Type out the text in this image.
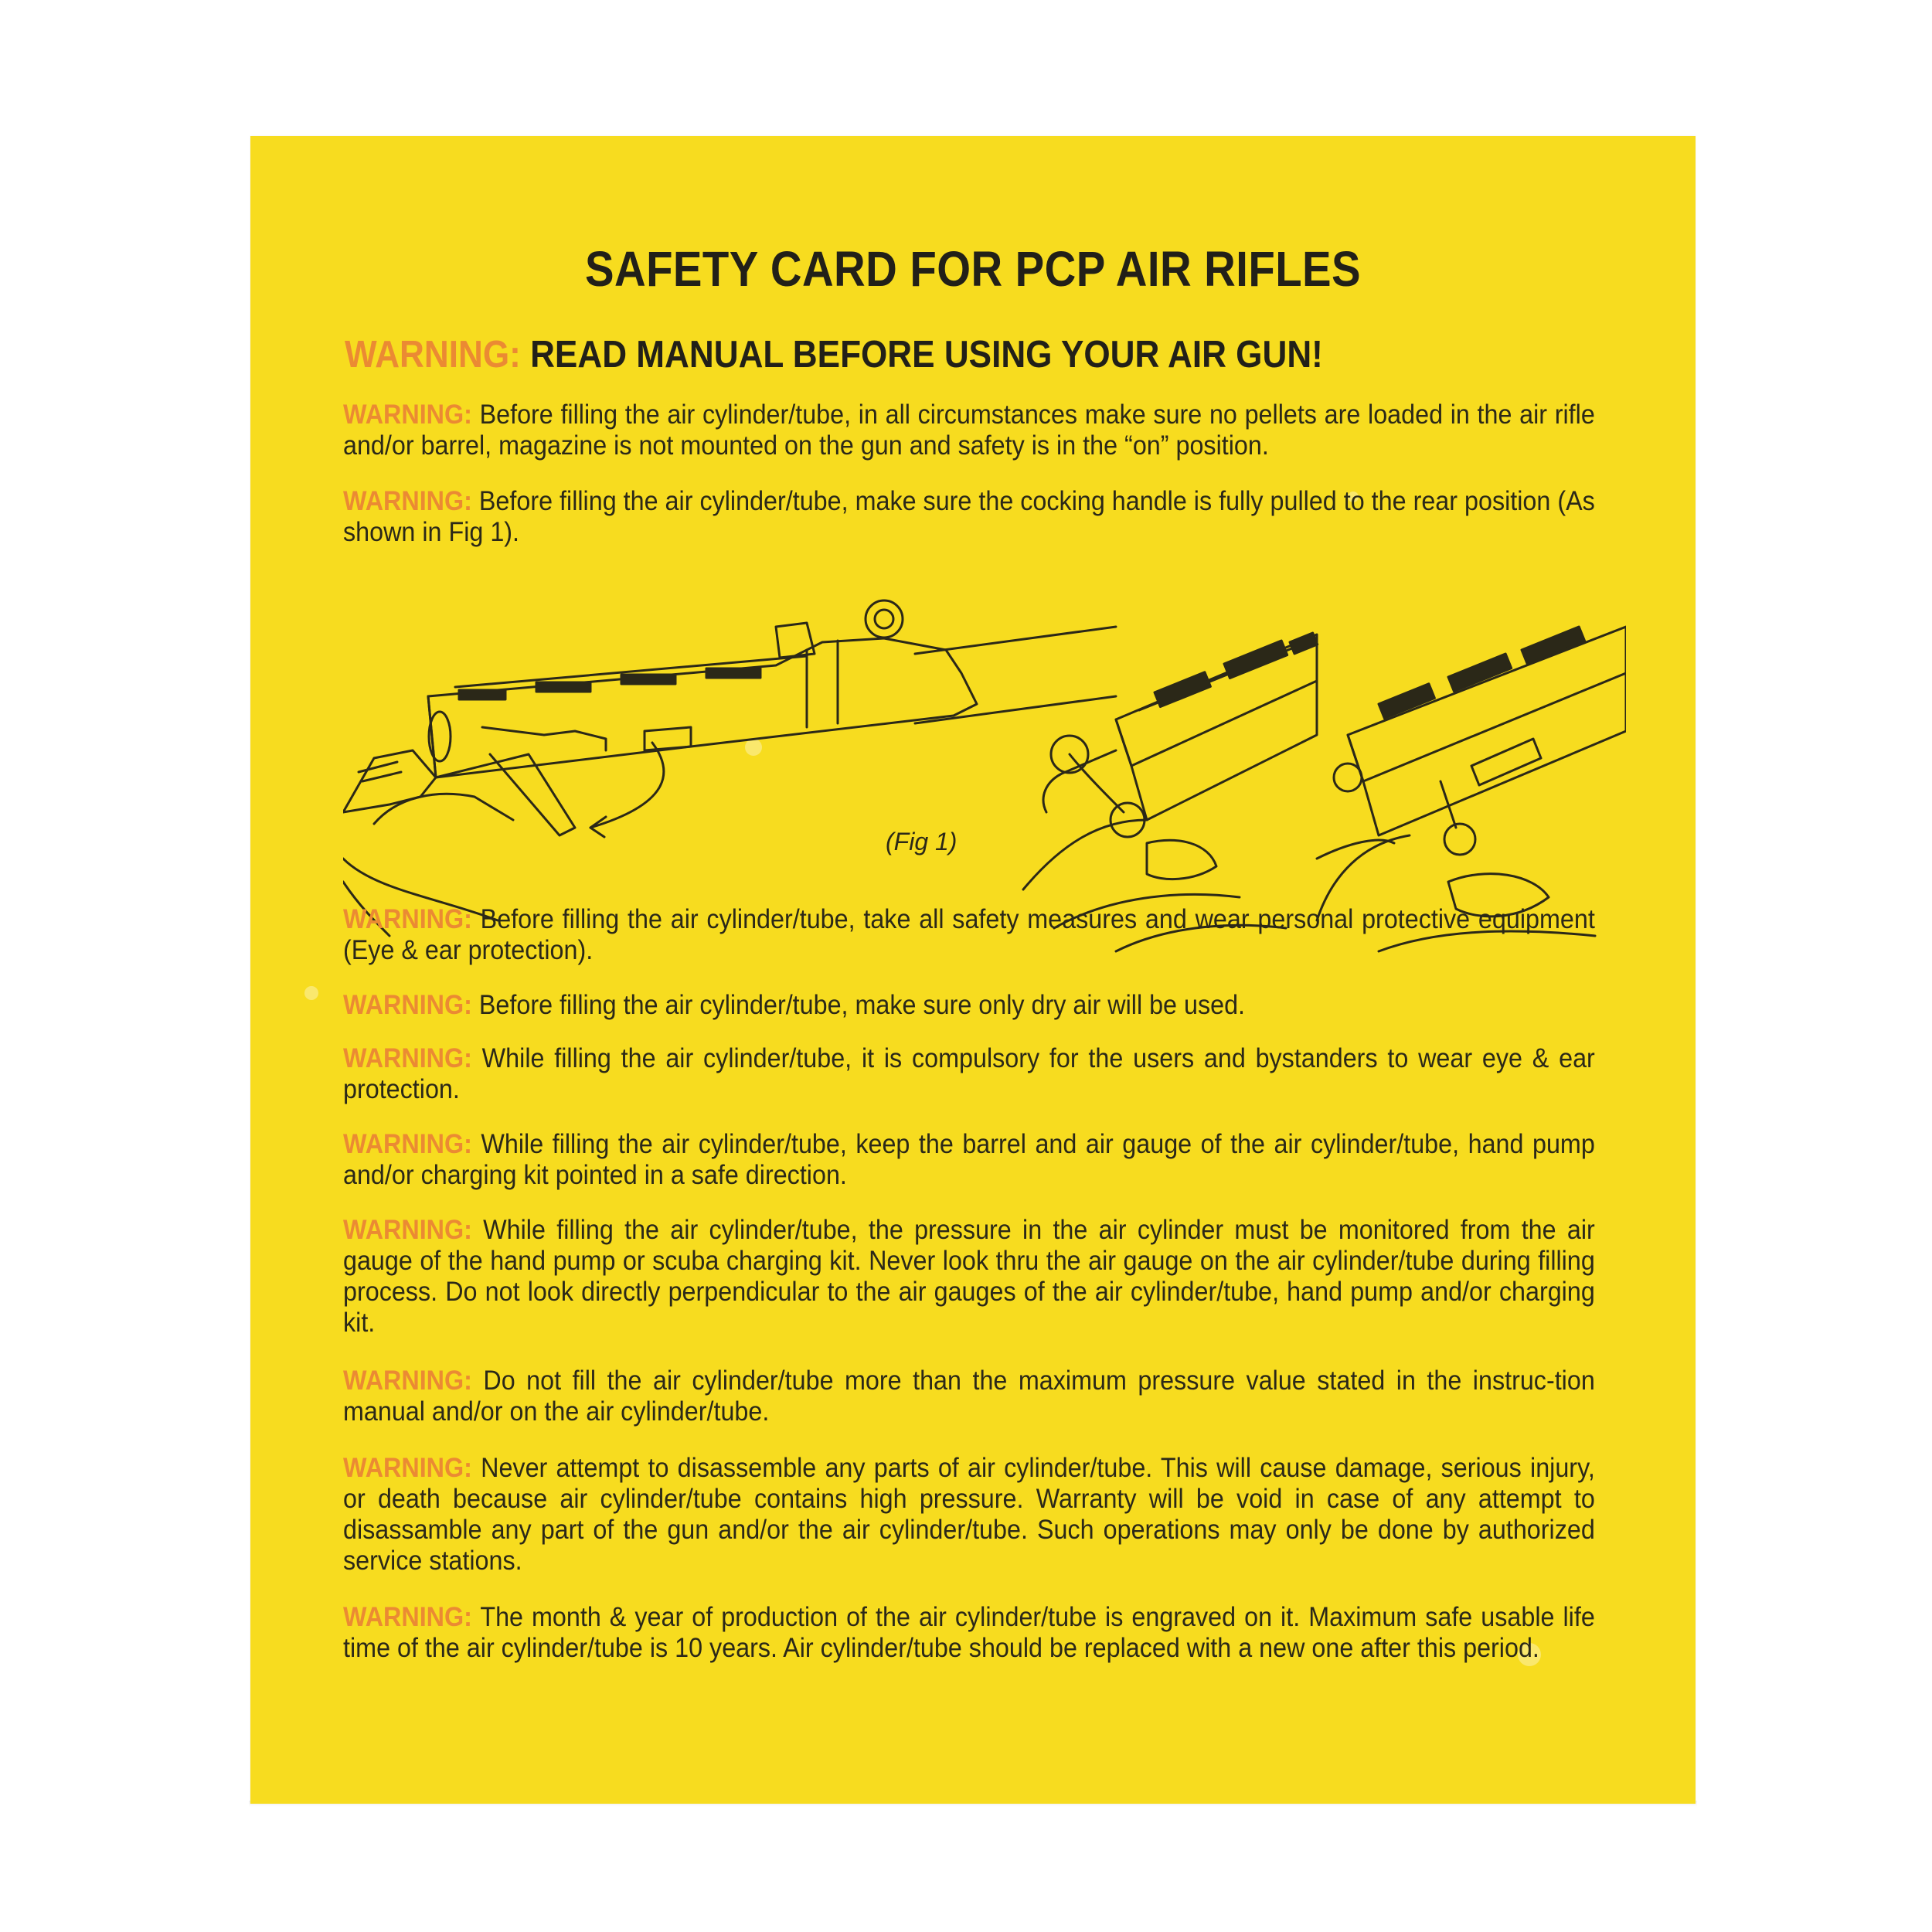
SAFETY CARD FOR PCP AIR RIFLES
WARNING: READ MANUAL BEFORE USING YOUR AIR GUN!
WARNING: Before filling the air cylinder/tube, in all circumstances make sure no pellets are loaded in the air rifle and/or barrel, magazine is not mounted on the gun and safety is in the “on” position.
WARNING: Before filling the air cylinder/tube, make sure the cocking handle is fully pulled to the rear position (As shown in Fig 1).
(Fig 1)
WARNING: Before filling the air cylinder/tube, take all safety measures and wear personal protective equipment (Eye & ear protection).
WARNING: Before filling the air cylinder/tube, make sure only dry air will be used.
WARNING: While filling the air cylinder/tube, it is compulsory for the users and bystanders to wear eye & ear protection.
WARNING: While filling the air cylinder/tube, keep the barrel and air gauge of the air cylinder/tube, hand pump and/or charging kit pointed in a safe direction.
WARNING: While filling the air cylinder/tube, the pressure in the air cylinder must be monitored from the air gauge of the hand pump or scuba charging kit. Never look thru the air gauge on the air cylinder/tube during filling process. Do not look directly perpendicular to the air gauges of the air cylinder/tube, hand pump and/or charging kit.
WARNING: Do not fill the air cylinder/tube more than the maximum pressure value stated in the instruc-tion manual and/or on the air cylinder/tube.
WARNING: Never attempt to disassemble any parts of air cylinder/tube. This will cause damage, serious injury, or death because air cylinder/tube contains high pressure. Warranty will be void in case of any attempt to disassamble any part of the gun and/or the air cylinder/tube. Such operations may only be done by authorized service stations.
WARNING: The month & year of production of the air cylinder/tube is engraved on it. Maximum safe usable life time of the air cylinder/tube is 10 years. Air cylinder/tube should be replaced with a new one after this period.
